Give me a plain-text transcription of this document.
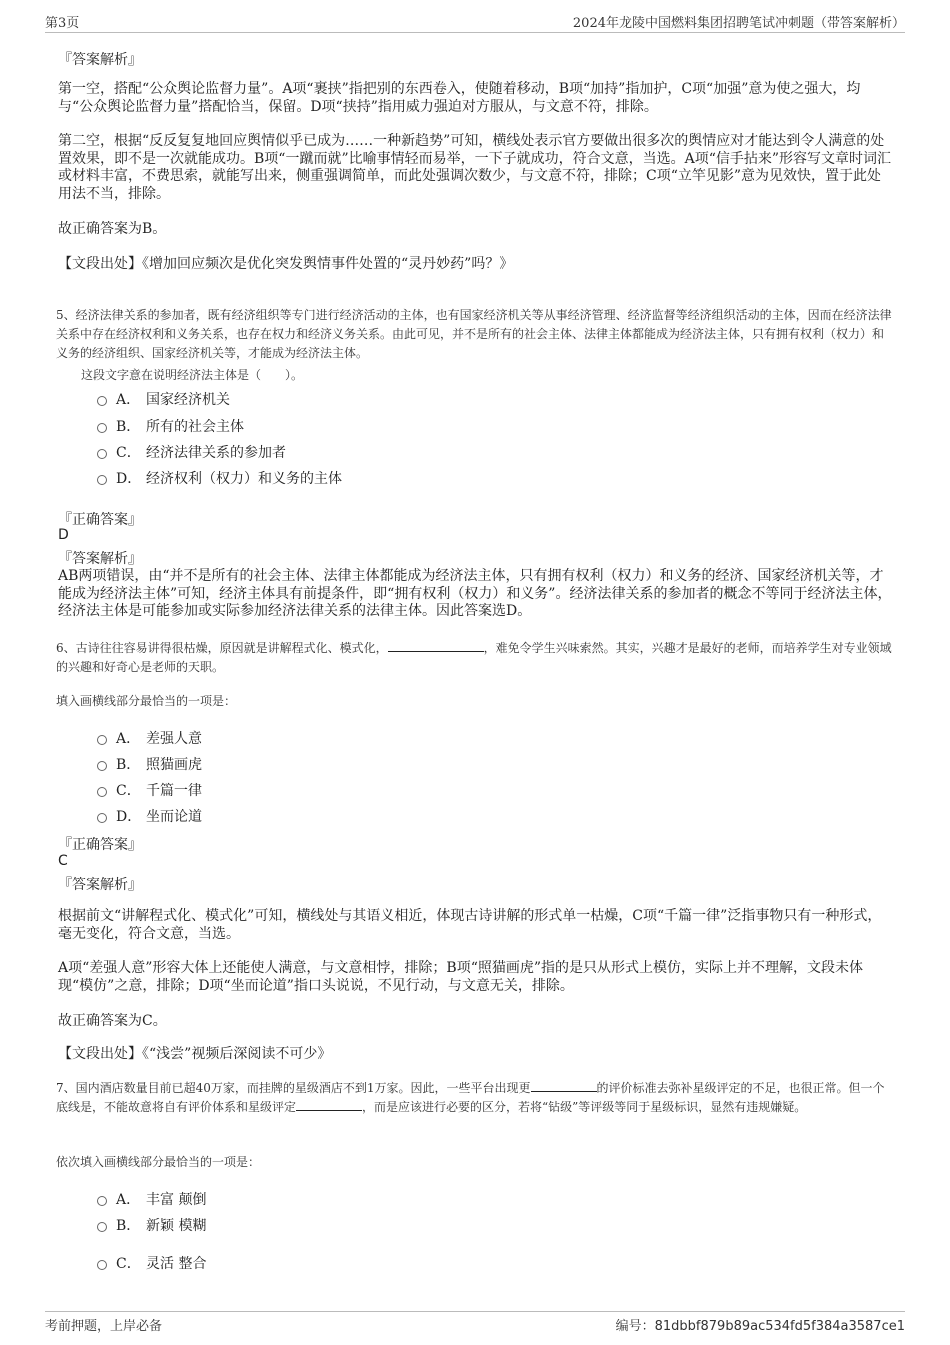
第3页	2024年龙陵中国燃料集团招聘笔试冲刺题（带答案解析）
『答案解析』

第一空，搭配“公众舆论监督力量”。A项“裹挟”指把别的东西卷入，使随着移动，B项“加持”指加护，C项“加强”意为使之强大，均与“公众舆论监督力量”搭配恰当，保留。D项“挟持”指用威力强迫对方服从，与文意不符，排除。

第二空，根据“反反复复地回应舆情似乎已成为……一种新趋势”可知，横线处表示官方要做出很多次的舆情应对才能达到令人满意的处置效果，即不是一次就能成功。B项“一蹴而就”比喻事情轻而易举，一下子就成功，符合文意，当选。A项“信手拈来”形容写文章时词汇或材料丰富，不费思索，就能写出来，侧重强调简单，而此处强调次数少，与文意不符，排除；C项“立竿见影”意为见效快，置于此处用法不当，排除。

故正确答案为B。

【文段出处】《增加回应频次是优化突发舆情事件处置的“灵丹妙药”吗？》

5、经济法律关系的参加者，既有经济组织等专门进行经济活动的主体，也有国家经济机关等从事经济管理、经济监督等经济组织活动的主体，因而在经济法律关系中存在经济权利和义务关系，也存在权力和经济义务关系。由此可见，并不是所有的社会主体、法律主体都能成为经济法主体，只有拥有权利（权力）和义务的经济组织、国家经济机关等，才能成为经济法主体。

这段文字意在说明经济法主体是（　　）。

A． 国家经济机关
B． 所有的社会主体
C． 经济法律关系的参加者
D． 经济权利（权力）和义务的主体
『正确答案』
D
『答案解析』

AB两项错误，由“并不是所有的社会主体、法律主体都能成为经济法主体，只有拥有权利（权力）和义务的经济、国家经济机关等，才能成为经济法主体”可知，经济主体具有前提条件，即“拥有权利（权力）和义务”。经济法律关系的参加者的概念不等同于经济法主体，经济法主体是可能参加或实际参加经济法律关系的法律主体。因此答案选D。

6、古诗往往容易讲得很枯燥，原因就是讲解程式化、模式化，	，难免令学生兴味索然。其实，兴趣才是最好的老师，而培养学生对专业领域的兴趣和好奇心是老师的天职。

填入画横线部分最恰当的一项是：

A． 差强人意
B． 照猫画虎
C． 千篇一律
D． 坐而论道
『正确答案』
C
『答案解析』

根据前文“讲解程式化、模式化”可知，横线处与其语义相近，体现古诗讲解的形式单一枯燥，C项“千篇一律”泛指事物只有一种形式，毫无变化，符合文意，当选。

A项“差强人意”形容大体上还能使人满意，与文意相悖，排除；B项“照猫画虎”指的是只从形式上模仿，实际上并不理解，文段未体现“模仿”之意，排除；D项“坐而论道”指口头说说，不见行动，与文意无关，排除。

故正确答案为C。

【文段出处】《“浅尝”视频后深阅读不可少》

7、国内酒店数量目前已超40万家，而挂牌的星级酒店不到1万家。因此，一些平台出现更	的评价标准去弥补星级评定的不足，也很正常。但一个底线是，不能故意将自有评价体系和星级评定	，而是应该进行必要的区分，若将“钻级”等评级等同于星级标识，显然有违规嫌疑。

依次填入画横线部分最恰当的一项是：

A． 丰富 颠倒
B． 新颖 模糊
C． 灵活 整合
考前押题，上岸必备	编号：81dbbf879b89ac534fd5f384a3587ce1
